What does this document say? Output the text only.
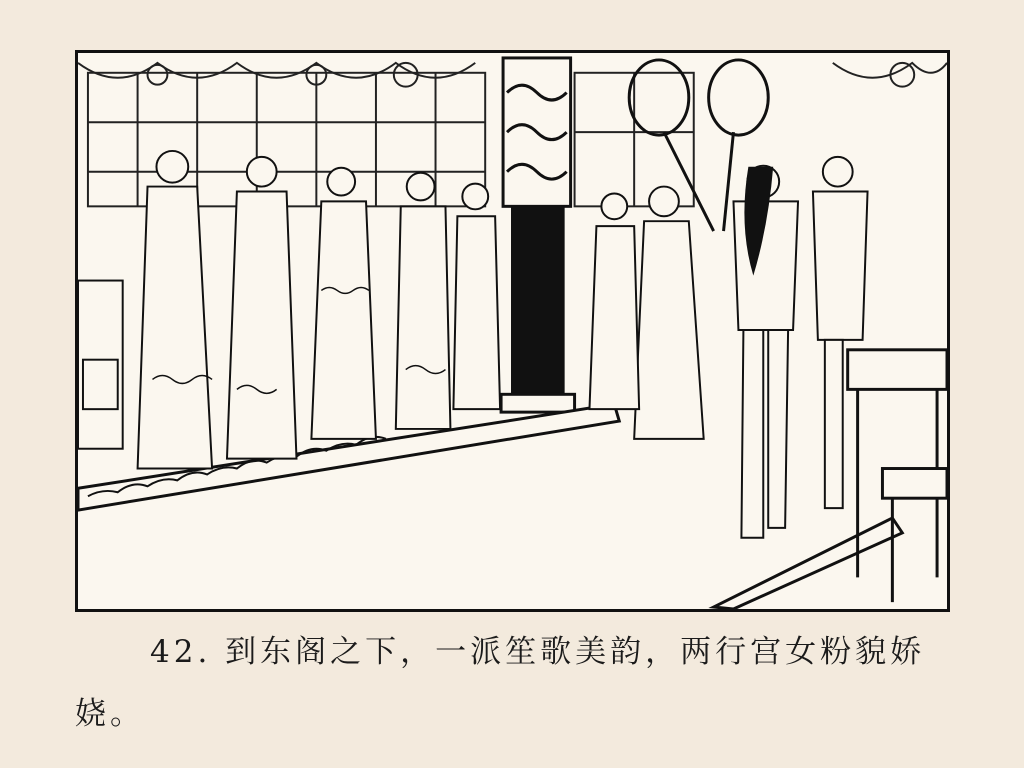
42. 到东阁之下，一派笙歌美韵，两行宫女粉貌娇
娆。
